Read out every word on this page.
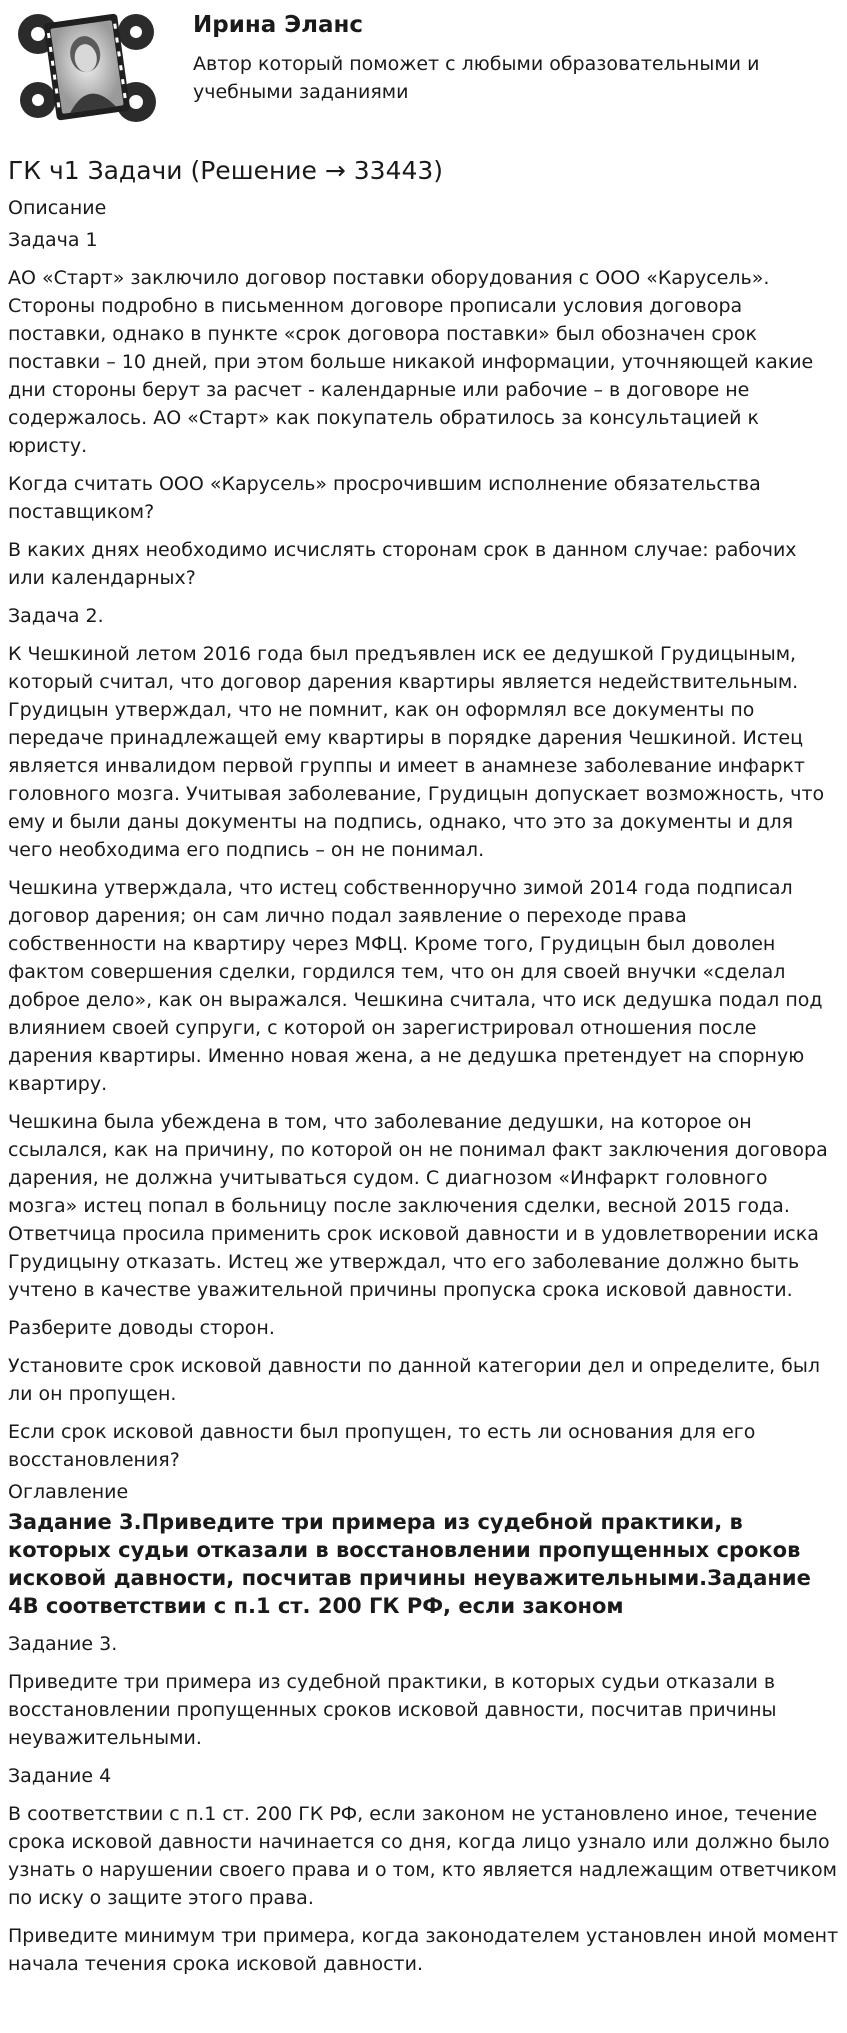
Ирина Эланс

Автор который поможет с любыми образовательными и учебными заданиями

ГК ч1 Задачи (Решение → 33443)
Описание
Задача 1

АО «Старт» заключило договор поставки оборудования с ООО «Карусель». Стороны подробно в письменном договоре прописали условия договора поставки, однако в пункте «срок договора поставки» был обозначен срок поставки – 10 дней, при этом больше никакой информации, уточняющей какие дни стороны берут за расчет - календарные или рабочие – в договоре не содержалось. АО «Старт» как покупатель обратилось за консультацией к юристу.

Когда считать ООО «Карусель» просрочившим исполнение обязательства поставщиком?

В каких днях необходимо исчислять сторонам срок в данном случае: рабочих или календарных?

Задача 2.

К Чешкиной летом 2016 года был предъявлен иск ее дедушкой Грудицыным, который считал, что договор дарения квартиры является недействительным. Грудицын утверждал, что не помнит, как он оформлял все документы по передаче принадлежащей ему квартиры в порядке дарения Чешкиной. Истец является инвалидом первой группы и имеет в анамнезе заболевание инфаркт головного мозга. Учитывая заболевание, Грудицын допускает возможность, что ему и были даны документы на подпись, однако, что это за документы и для чего необходима его подпись – он не понимал.

Чешкина утверждала, что истец собственноручно зимой 2014 года подписал договор дарения; он сам лично подал заявление о переходе права собственности на квартиру через МФЦ. Кроме того, Грудицын был доволен фактом совершения сделки, гордился тем, что он для своей внучки «сделал доброе дело», как он выражался. Чешкина считала, что иск дедушка подал под влиянием своей супруги, с которой он зарегистрировал отношения после дарения квартиры. Именно новая жена, а не дедушка претендует на спорную квартиру.

Чешкина была убеждена в том, что заболевание дедушки, на которое он ссылался, как на причину, по которой он не понимал факт заключения договора дарения, не должна учитываться судом. С диагнозом «Инфаркт головного мозга» истец попал в больницу после заключения сделки, весной 2015 года. Ответчица просила применить срок исковой давности и в удовлетворении иска Грудицыну отказать. Истец же утверждал, что его заболевание должно быть учтено в качестве уважительной причины пропуска срока исковой давности.

Разберите доводы сторон.

Установите срок исковой давности по данной категории дел и определите, был ли он пропущен.

Если срок исковой давности был пропущен, то есть ли основания для его восстановления?

Оглавление
Задание 3.Приведите три примера из судебной практики, в которых судьи отказали в восстановлении пропущенных сроков исковой давности, посчитав причины неуважительными.Задание 4В соответствии с п.1 ст. 200 ГК РФ, если законом

Задание 3.

Приведите три примера из судебной практики, в которых судьи отказали в восстановлении пропущенных сроков исковой давности, посчитав причины неуважительными.

Задание 4

В соответствии с п.1 ст. 200 ГК РФ, если законом не установлено иное, течение срока исковой давности начинается со дня, когда лицо узнало или должно было узнать о нарушении своего права и о том, кто является надлежащим ответчиком по иску о защите этого права.

Приведите минимум три примера, когда законодателем установлен иной момент начала течения срока исковой давности.
